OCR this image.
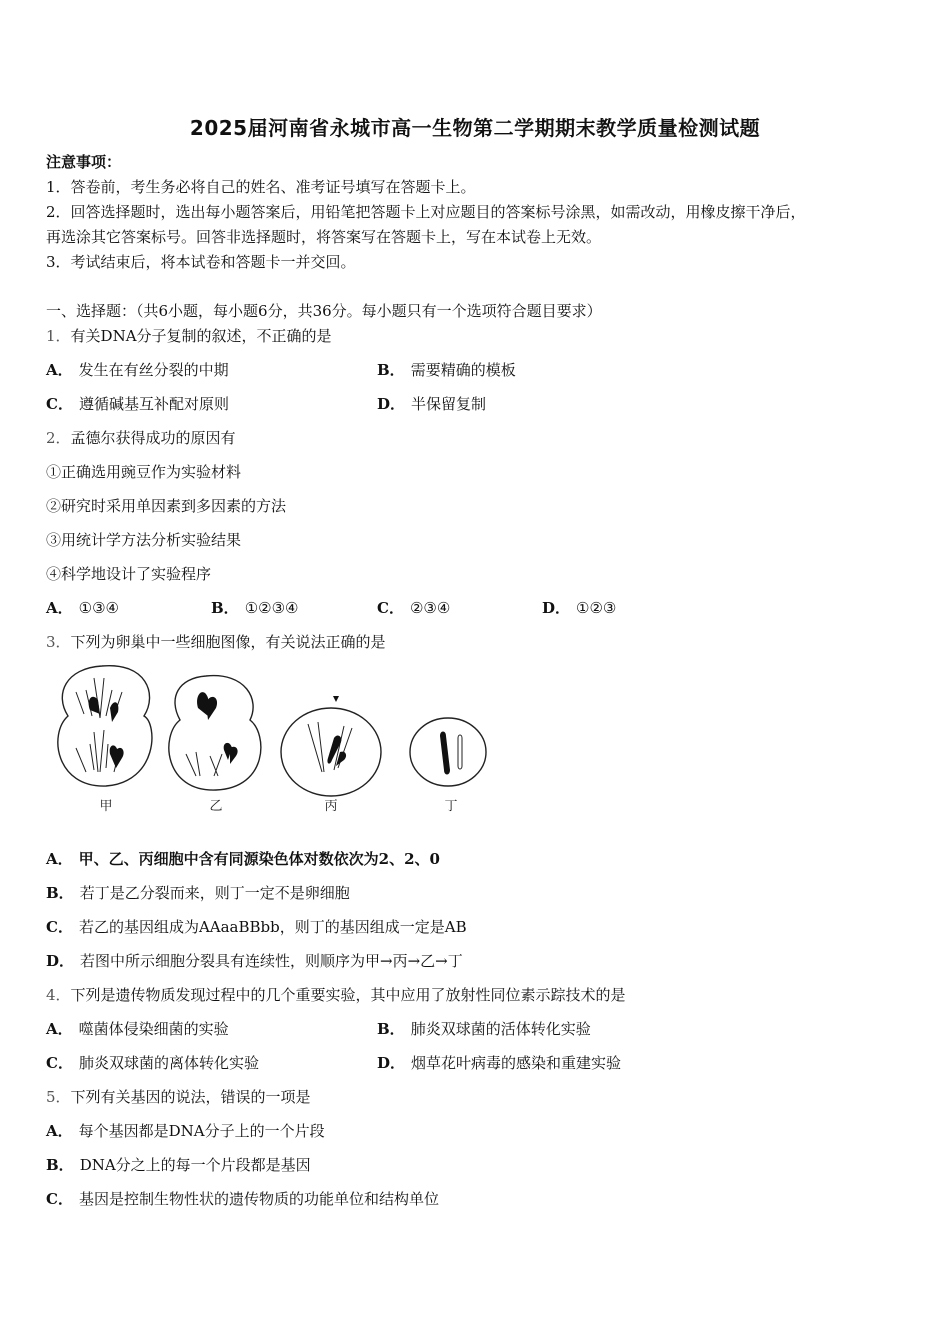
2025届河南省永城市高一生物第二学期期末教学质量检测试题
注意事项：
1．答卷前，考生务必将自己的姓名、准考证号填写在答题卡上。
2．回答选择题时，选出每小题答案后，用铅笔把答题卡上对应题目的答案标号涂黑，如需改动，用橡皮擦干净后，
再选涂其它答案标号。回答非选择题时，将答案写在答题卡上，写在本试卷上无效。
3．考试结束后，将本试卷和答题卡一并交回。
一、选择题：（共6小题，每小题6分，共36分。每小题只有一个选项符合题目要求）
1．有关DNA分子复制的叙述，不正确的是
A． 发生在有丝分裂的中期	B． 需要精确的模板
C． 遵循碱基互补配对原则	D． 半保留复制
2．孟德尔获得成功的原因有
①正确选用豌豆作为实验材料
②研究时采用单因素到多因素的方法
③用统计学方法分析实验结果
④科学地设计了实验程序
A． ①③④	B． ①②③④	C． ②③④	D． ①②③
3．下列为卵巢中一些细胞图像，有关说法正确的是
甲	乙	丙	丁
A． 甲、乙、丙细胞中含有同源染色体对数依次为2、2、0
B． 若丁是乙分裂而来，则丁一定不是卵细胞
C． 若乙的基因组成为AAaaBBbb，则丁的基因组成一定是AB
D． 若图中所示细胞分裂具有连续性，则顺序为甲→丙→乙→丁
4．下列是遗传物质发现过程中的几个重要实验，其中应用了放射性同位素示踪技术的是
A． 噬菌体侵染细菌的实验	B． 肺炎双球菌的活体转化实验
C． 肺炎双球菌的离体转化实验	D． 烟草花叶病毒的感染和重建实验
5．下列有关基因的说法，错误的一项是
A． 每个基因都是DNA分子上的一个片段
B． DNA分之上的每一个片段都是基因
C． 基因是控制生物性状的遗传物质的功能单位和结构单位
